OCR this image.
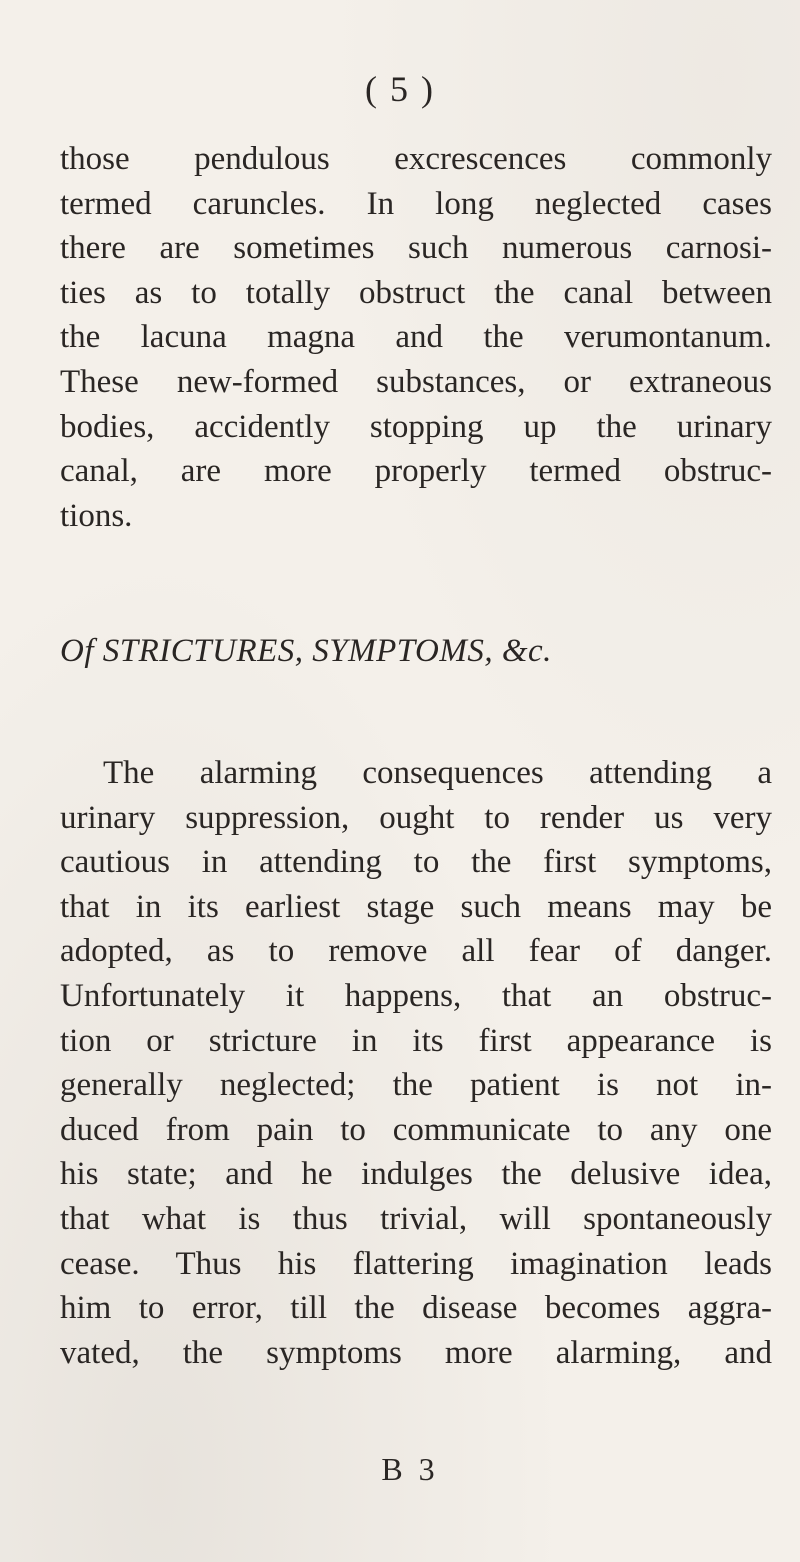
( 5 )
those pendulous excrescences commonly
termed caruncles. In long neglected cases
there are sometimes such numerous carnosi-
ties as to totally obstruct the canal between
the lacuna magna and the verumontanum.
These new-formed substances, or extraneous
bodies, accidently stopping up the urinary
canal, are more properly termed obstruc-
tions.
Of STRICTURES, SYMPTOMS, &c.
The alarming consequences attending a
urinary suppression, ought to render us very
cautious in attending to the first symptoms,
that in its earliest stage such means may be
adopted, as to remove all fear of danger.
Unfortunately it happens, that an obstruc-
tion or stricture in its first appearance is
generally neglected; the patient is not in-
duced from pain to communicate to any one
his state; and he indulges the delusive idea,
that what is thus trivial, will spontaneously
cease. Thus his flattering imagination leads
him to error, till the disease becomes aggra-
vated, the symptoms more alarming, and
B 3
